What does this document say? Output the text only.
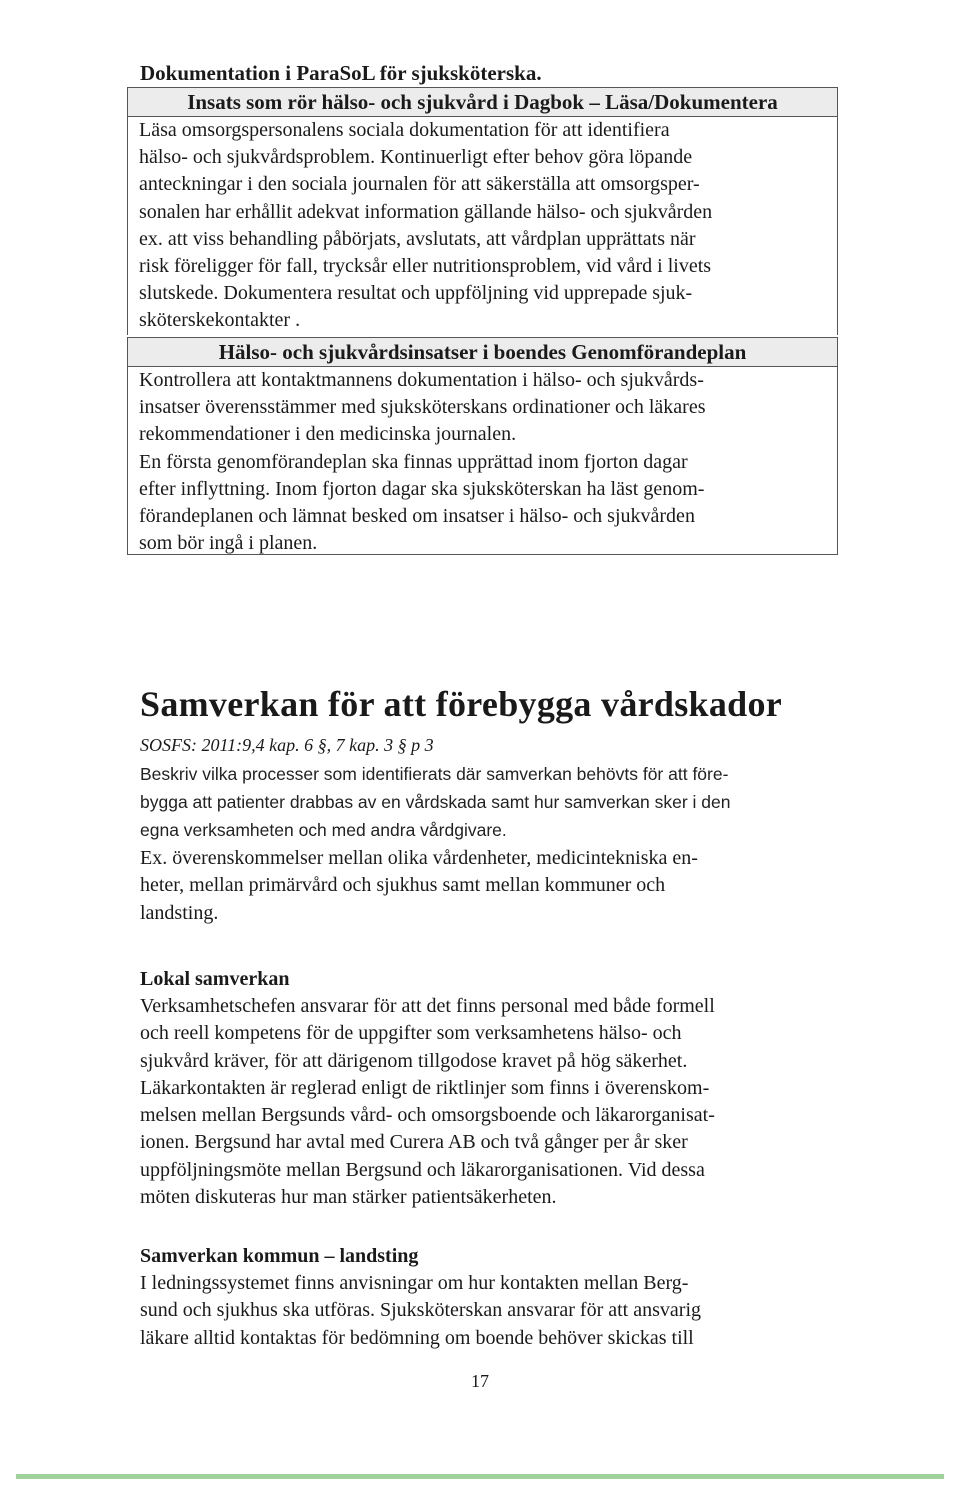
Dokumentation i ParaSoL för sjuksköterska.
Insats som rör hälso- och sjukvård i Dagbok – Läsa/Dokumentera
Läsa omsorgspersonalens sociala dokumentation för att identifiera
hälso- och sjukvårdsproblem. Kontinuerligt efter behov göra löpande
anteckningar i den sociala journalen för att säkerställa att omsorgsper-
sonalen har erhållit adekvat information gällande hälso- och sjukvården
ex. att viss behandling påbörjats, avslutats, att vårdplan upprättats när
risk föreligger för fall, trycksår eller nutritionsproblem, vid vård i livets
slutskede. Dokumentera resultat och uppföljning vid upprepade sjuk-
sköterskekontakter .
Hälso- och sjukvårdsinsatser i boendes Genomförandeplan
Kontrollera att kontaktmannens dokumentation i hälso- och sjukvårds-
insatser överensstämmer med sjuksköterskans ordinationer och läkares
rekommendationer i den medicinska journalen.
En första genomförandeplan ska finnas upprättad inom fjorton dagar
efter inflyttning. Inom fjorton dagar ska sjuksköterskan ha läst genom-
förandeplanen och lämnat besked om insatser i hälso- och sjukvården
som bör ingå i planen.
Samverkan för att förebygga vårdskador
SOSFS: 2011:9,4 kap. 6 §, 7 kap. 3 § p 3
Beskriv vilka processer som identifierats där samverkan behövts för att före-
bygga att patienter drabbas av en vårdskada samt hur samverkan sker i den
egna verksamheten och med andra vårdgivare.
Ex. överenskommelser mellan olika vårdenheter, medicintekniska en-
heter, mellan primärvård och sjukhus samt mellan kommuner och
landsting.
Lokal samverkan
Verksamhetschefen ansvarar för att det finns personal med både formell
och reell kompetens för de uppgifter som verksamhetens hälso- och
sjukvård kräver, för att därigenom tillgodose kravet på hög säkerhet.
Läkarkontakten är reglerad enligt de riktlinjer som finns i överenskom-
melsen mellan Bergsunds vård- och omsorgsboende och läkarorganisat-
ionen. Bergsund har avtal med Curera AB och två gånger per år sker
uppföljningsmöte mellan Bergsund och läkarorganisationen. Vid dessa
möten diskuteras hur man stärker patientsäkerheten.
Samverkan kommun – landsting
I ledningssystemet finns anvisningar om hur kontakten mellan Berg-
sund och sjukhus ska utföras. Sjuksköterskan ansvarar för att ansvarig
läkare alltid kontaktas för bedömning om boende behöver skickas till
17
